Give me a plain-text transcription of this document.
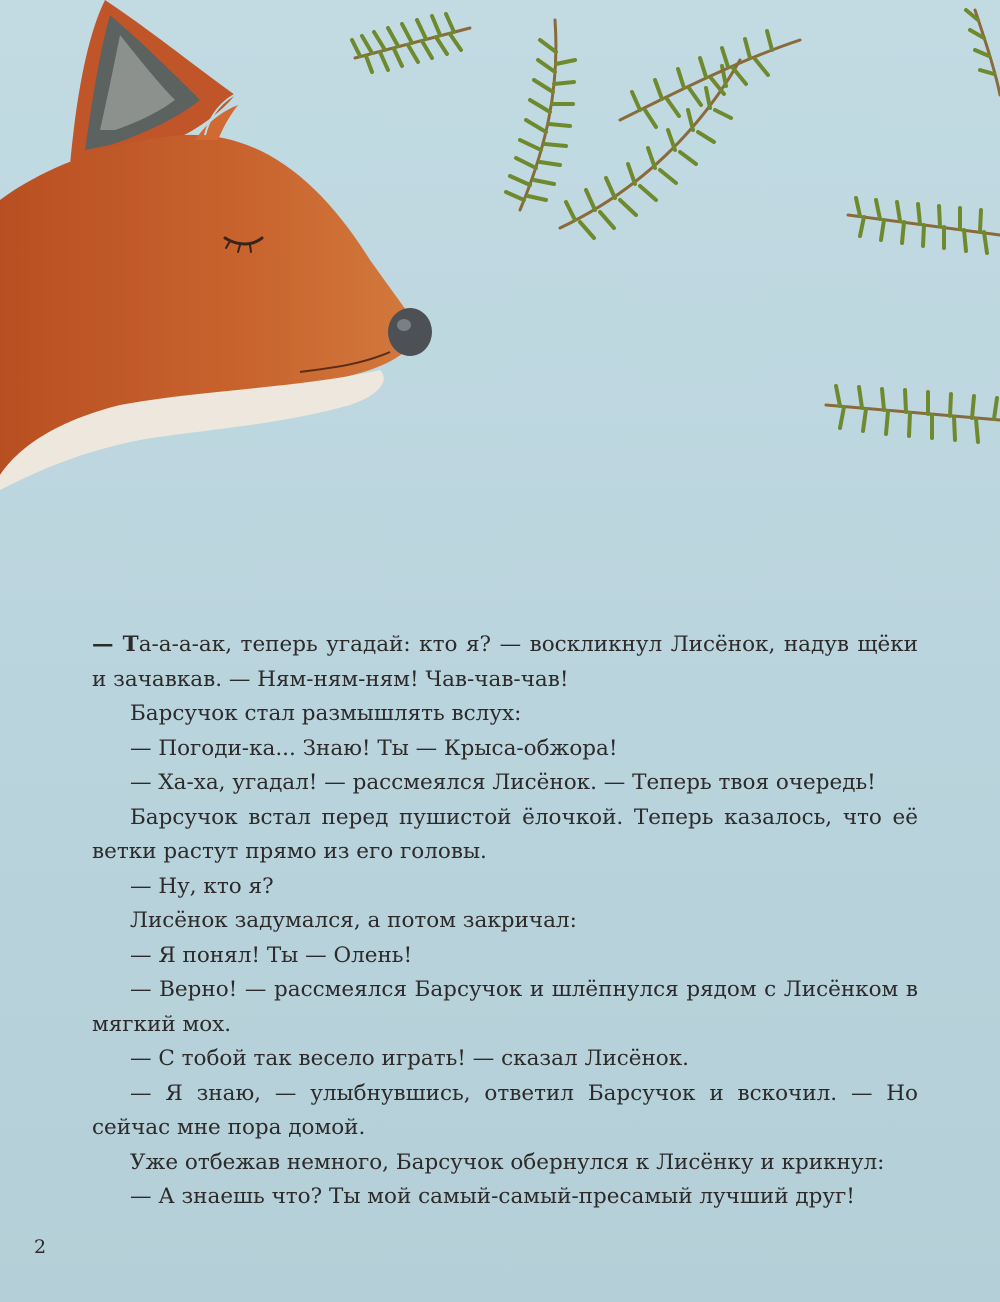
— Та-а-а-ак, теперь угадай: кто я? — воскликнул Лисёнок, надув щёки и зачавкав. — Ням-ням-ням! Чав-чав-чав!

Барсучок стал размышлять вслух:

— Погоди-ка... Знаю! Ты — Крыса-обжора!

— Ха-ха, угадал! — рассмеялся Лисёнок. — Теперь твоя очередь!

Барсучок встал перед пушистой ёлочкой. Теперь казалось, что её ветки растут прямо из его головы.

— Ну, кто я?

Лисёнок задумался, а потом закричал:

— Я понял! Ты — Олень!

— Верно! — рассмеялся Барсучок и шлёпнулся рядом с Лисёнком в мягкий мох.

— С тобой так весело играть! — сказал Лисёнок.

— Я знаю, — улыбнувшись, ответил Барсучок и вскочил. — Но сейчас мне пора домой.

Уже отбежав немного, Барсучок обернулся к Лисёнку и крикнул:

— А знаешь что? Ты мой самый-самый-пресамый лучший друг!

2
